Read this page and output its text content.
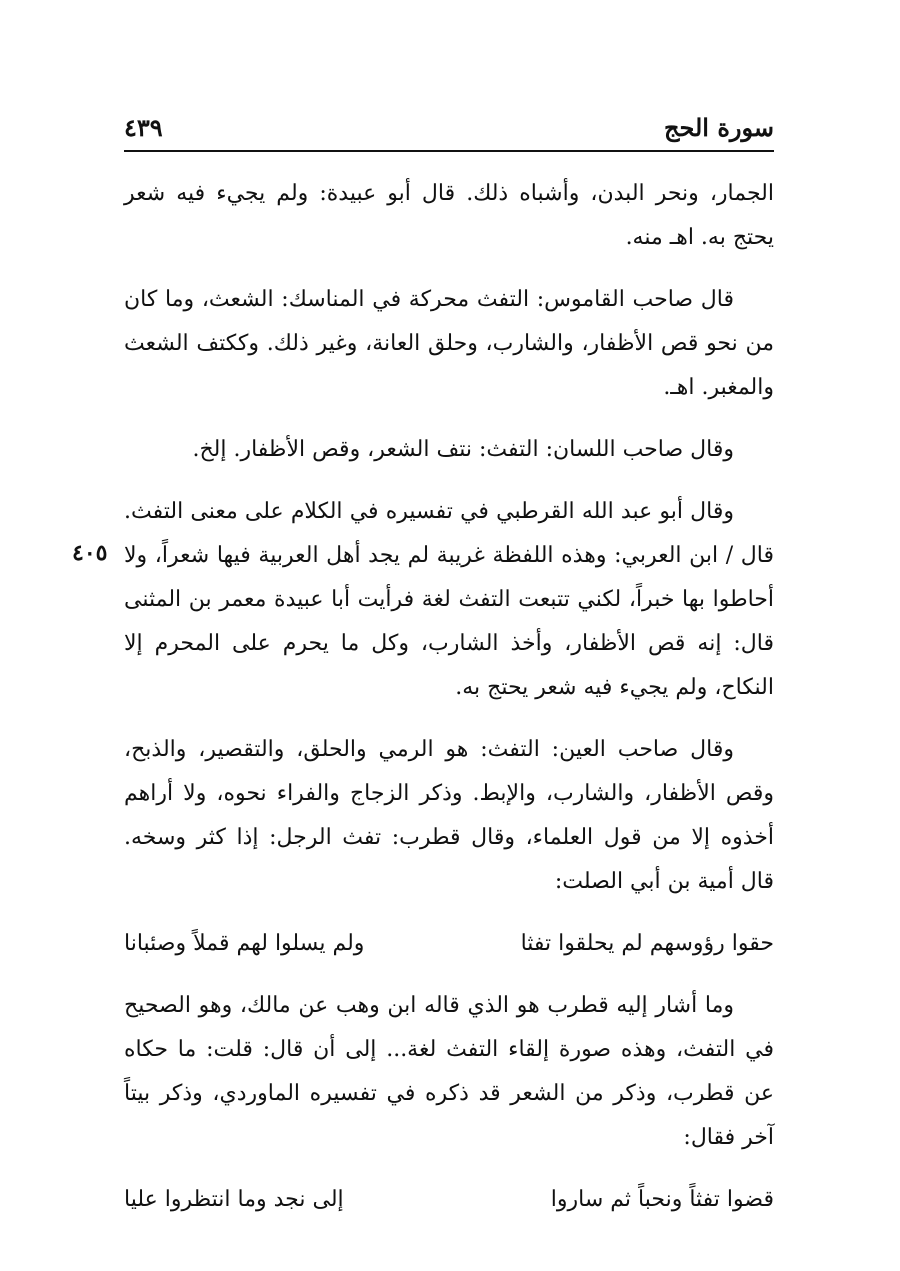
٤٣٩	سورة الحج
٤٠٥

الجمار، ونحر البدن، وأشباه ذلك. قال أبو عبيدة: ولم يجيء فيه شعر يحتج به. اهـ منه.

قال صاحب القاموس: التفث محركة في المناسك: الشعث، وما كان من نحو قص الأظفار، والشارب، وحلق العانة، وغير ذلك. وككتف الشعث والمغبر. اهـ.

وقال صاحب اللسان: التفث: نتف الشعر، وقص الأظفار. إلخ.

وقال أبو عبد الله القرطبي في تفسيره في الكلام على معنى التفث. قال / ابن العربي: وهذه اللفظة غريبة لم يجد أهل العربية فيها شعراً، ولا أحاطوا بها خبراً، لكني تتبعت التفث لغة فرأيت أبا عبيدة معمر بن المثنى قال: إنه قص الأظفار، وأخذ الشارب، وكل ما يحرم على المحرم إلا النكاح، ولم يجيء فيه شعر يحتج به.

وقال صاحب العين: التفث: هو الرمي والحلق، والتقصير، والذبح، وقص الأظفار، والشارب، والإبط. وذكر الزجاج والفراء نحوه، ولا أراهم أخذوه إلا من قول العلماء، وقال قطرب: تفث الرجل: إذا كثر وسخه. قال أمية بن أبي الصلت:

حقوا رؤوسهم لم يحلقوا تفثا
ولم يسلوا لهم قملاً وصئبانا

وما أشار إليه قطرب هو الذي قاله ابن وهب عن مالك، وهو الصحيح في التفث، وهذه صورة إلقاء التفث لغة... إلى أن قال: قلت: ما حكاه عن قطرب، وذكر من الشعر قد ذكره في تفسيره الماوردي، وذكر بيتاً آخر فقال:

قضوا تفثاً ونحباً ثم ساروا
إلى نجد وما انتظروا عليا
